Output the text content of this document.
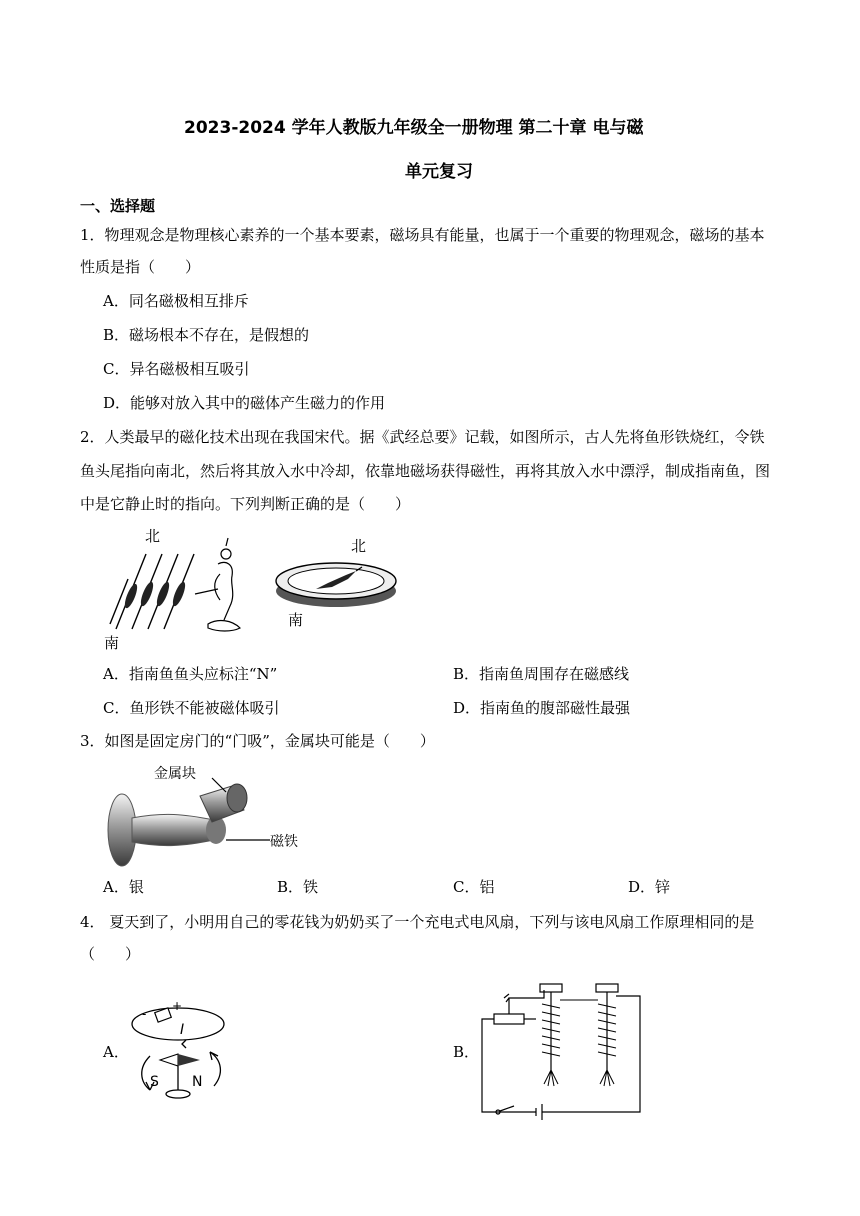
2023-2024 学年人教版九年级全一册物理 第二十章 电与磁
单元复习
一、选择题
1．物理观念是物理核心素养的一个基本要素，磁场具有能量，也属于一个重要的物理观念，磁场的基本
性质是指（　　）
A．同名磁极相互排斥
B．磁场根本不存在，是假想的
C．异名磁极相互吸引
D．能够对放入其中的磁体产生磁力的作用
2．人类最早的磁化技术出现在我国宋代。据《武经总要》记载，如图所示，古人先将鱼形铁烧红，令铁
鱼头尾指向南北，然后将其放入水中冷却，依靠地磁场获得磁性，再将其放入水中漂浮，制成指南鱼，图
中是它静止时的指向。下列判断正确的是（　　）
北
南
北
南
A．指南鱼鱼头应标注“N”	B．指南鱼周围存在磁感线
C．鱼形铁不能被磁体吸引	D．指南鱼的腹部磁性最强
3．如图是固定房门的“门吸”，金属块可能是（　　）
金属块
磁铁
A．银	B．铁	C．铝	D．锌
4． 夏天到了，小明用自己的零花钱为奶奶买了一个充电式电风扇，下列与该电风扇工作原理相同的是
（　　）
A．
I
+
-
S N
B．
